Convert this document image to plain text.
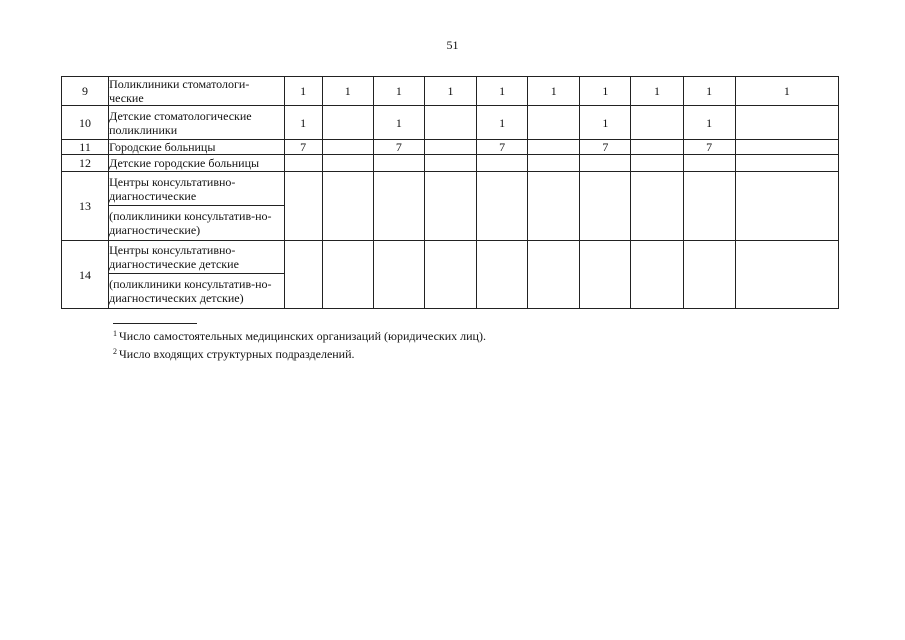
51
9	Поликлиники стоматологи-ческие	1	1	1	1	1	1	1	1	1	1
10	Детские стоматологические поликлиники	1		1		1		1		1	
11	Городские больницы	7		7		7		7		7	
12	Детские городские больницы										
13	Центры консультативно-диагностические										
	(поликлиники консультатив-но-диагностические)										
14	Центры консультативно-диагностические детские										
	(поликлиники консультатив-но-диагностических детские)										
$^1$ Число самостоятельных медицинских организаций (юридических лиц).
$^2$ Число входящих структурных подразделений.
